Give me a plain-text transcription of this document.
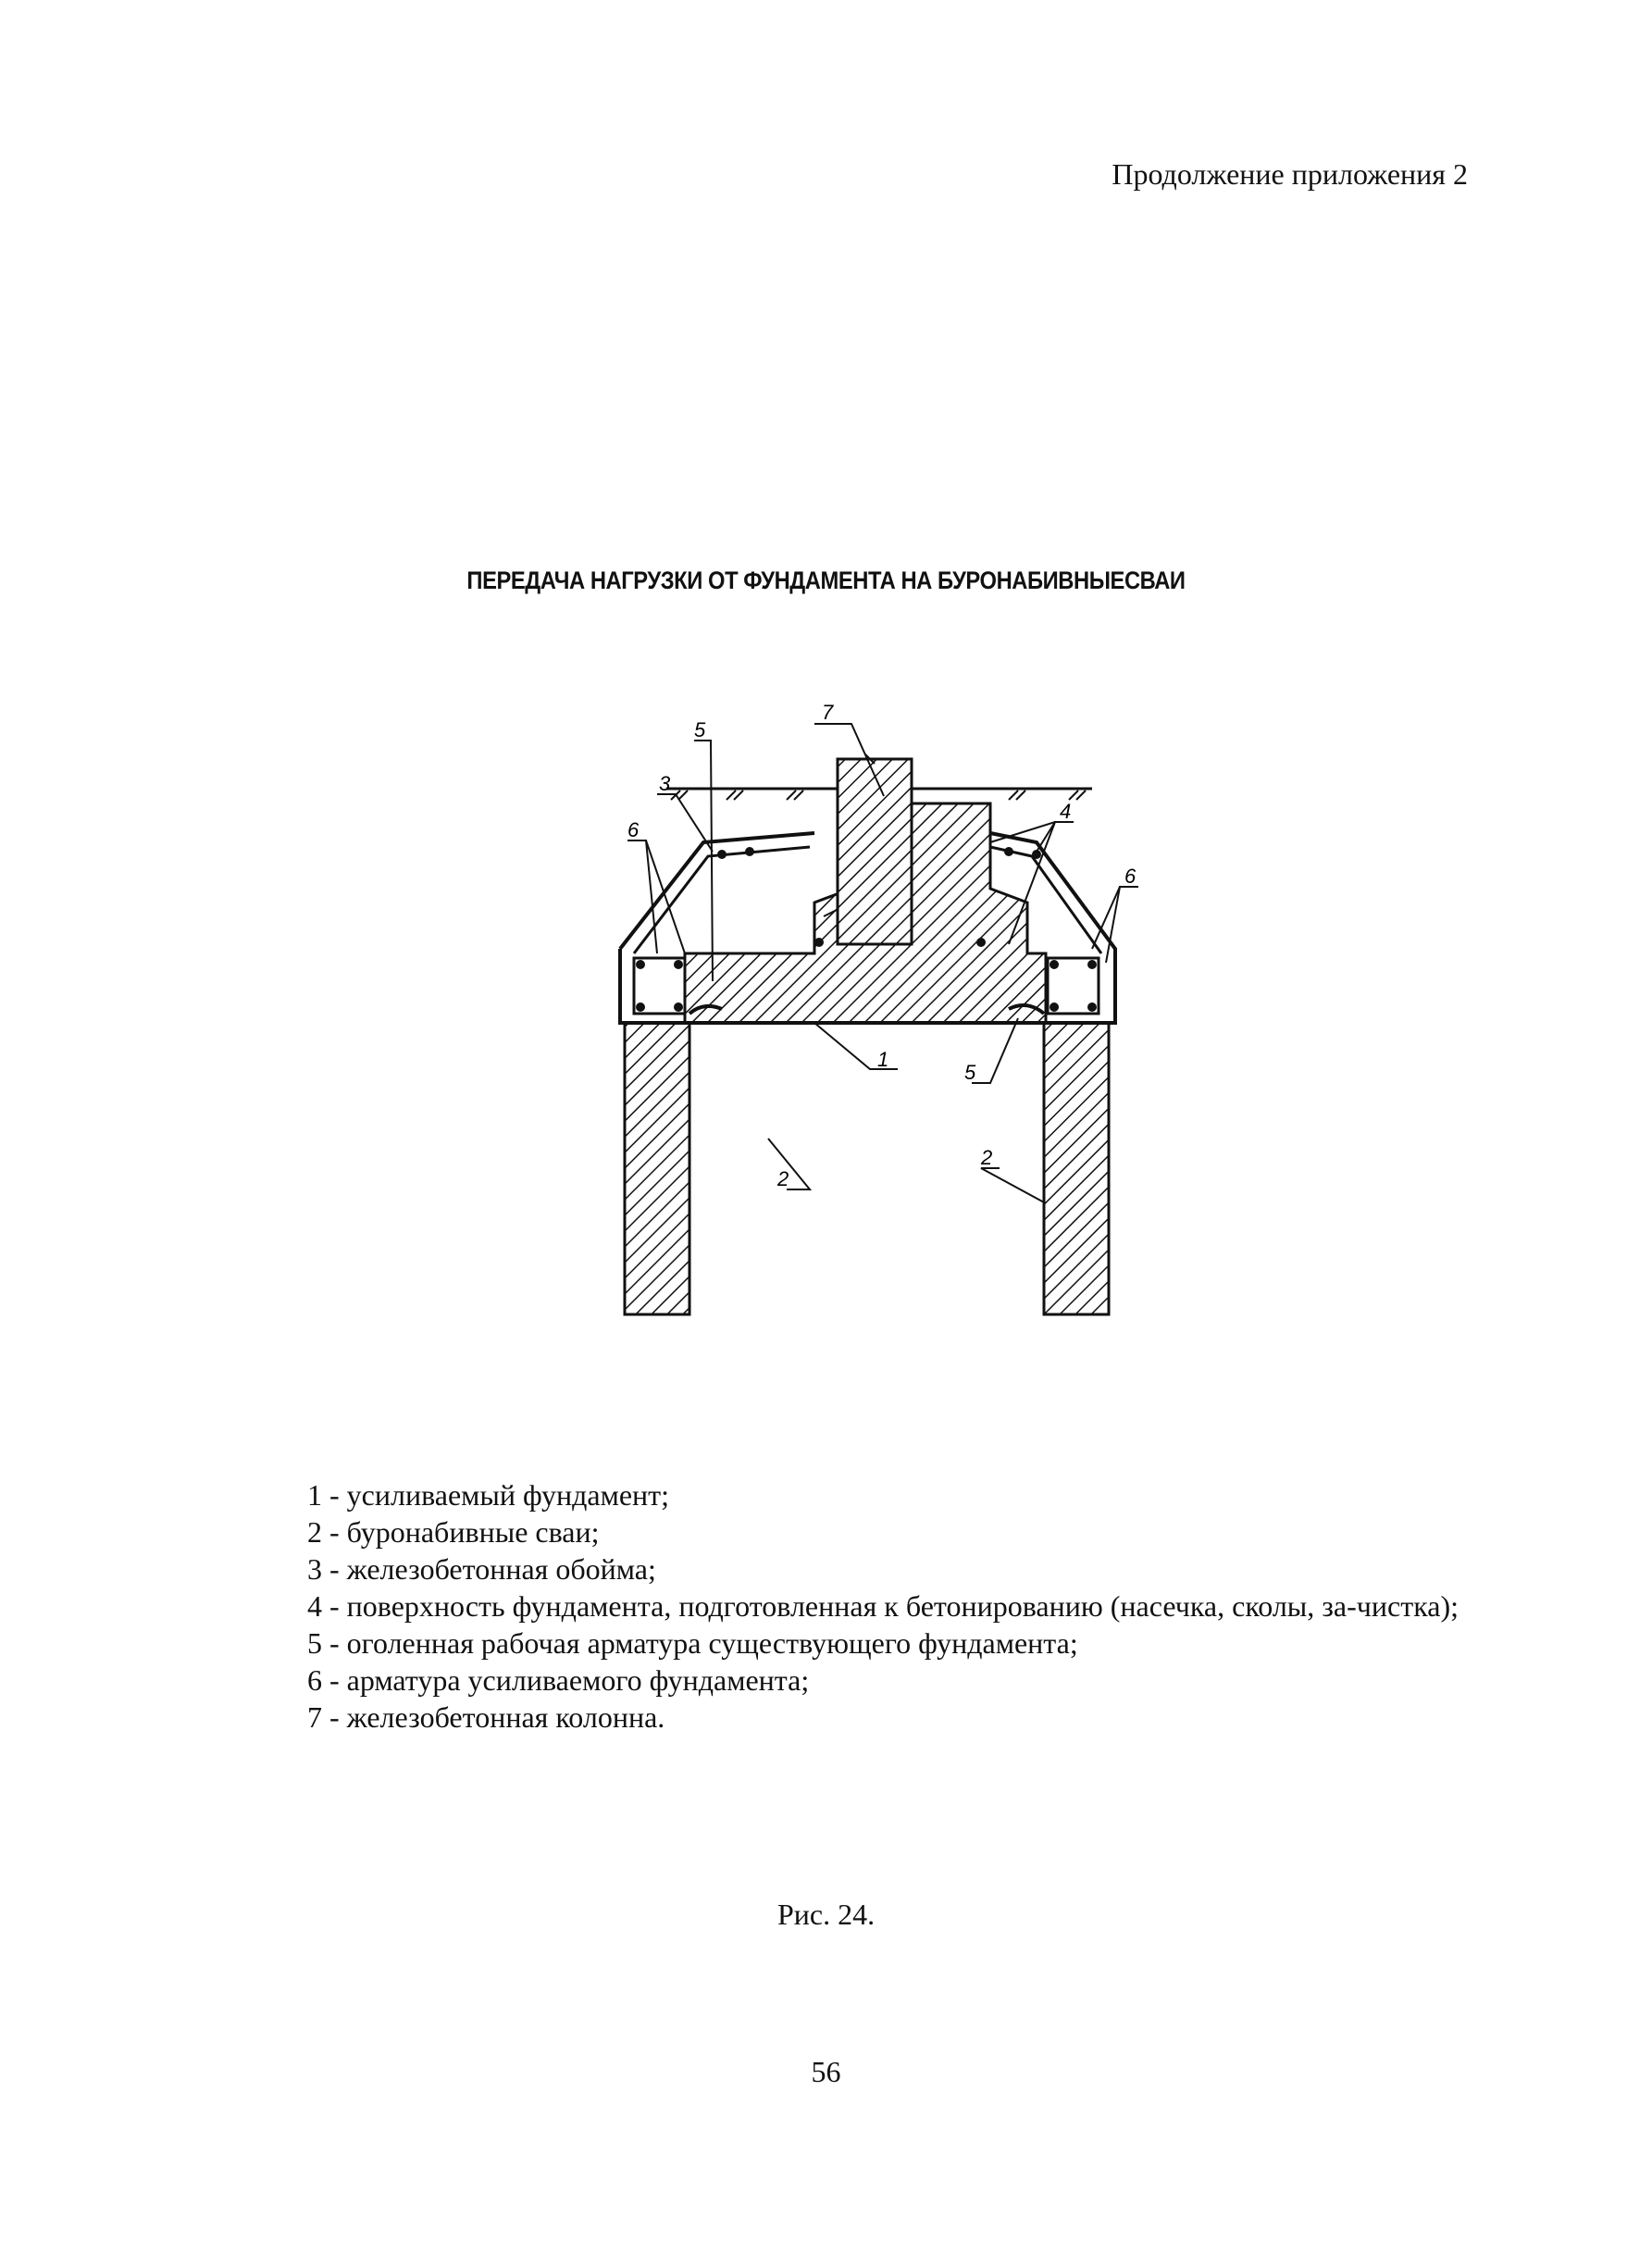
Продолжение приложения 2
ПЕРЕДАЧА НАГРУЗКИ ОТ ФУНДАМЕНТА НА БУРОНАБИВНЫЕСВАИ
7
5
3
6
4
6
1
5
2
2
1 - усиливаемый фундамент;
2 - буронабивные сваи;
3 - железобетонная обойма;
4 - поверхность фундамента, подготовленная к бетонированию (насечка, сколы, за-чистка);
5 - оголенная рабочая арматура существующего фундамента;
6 - арматура усиливаемого фундамента;
7 - железобетонная колонна.
Рис. 24.
56
